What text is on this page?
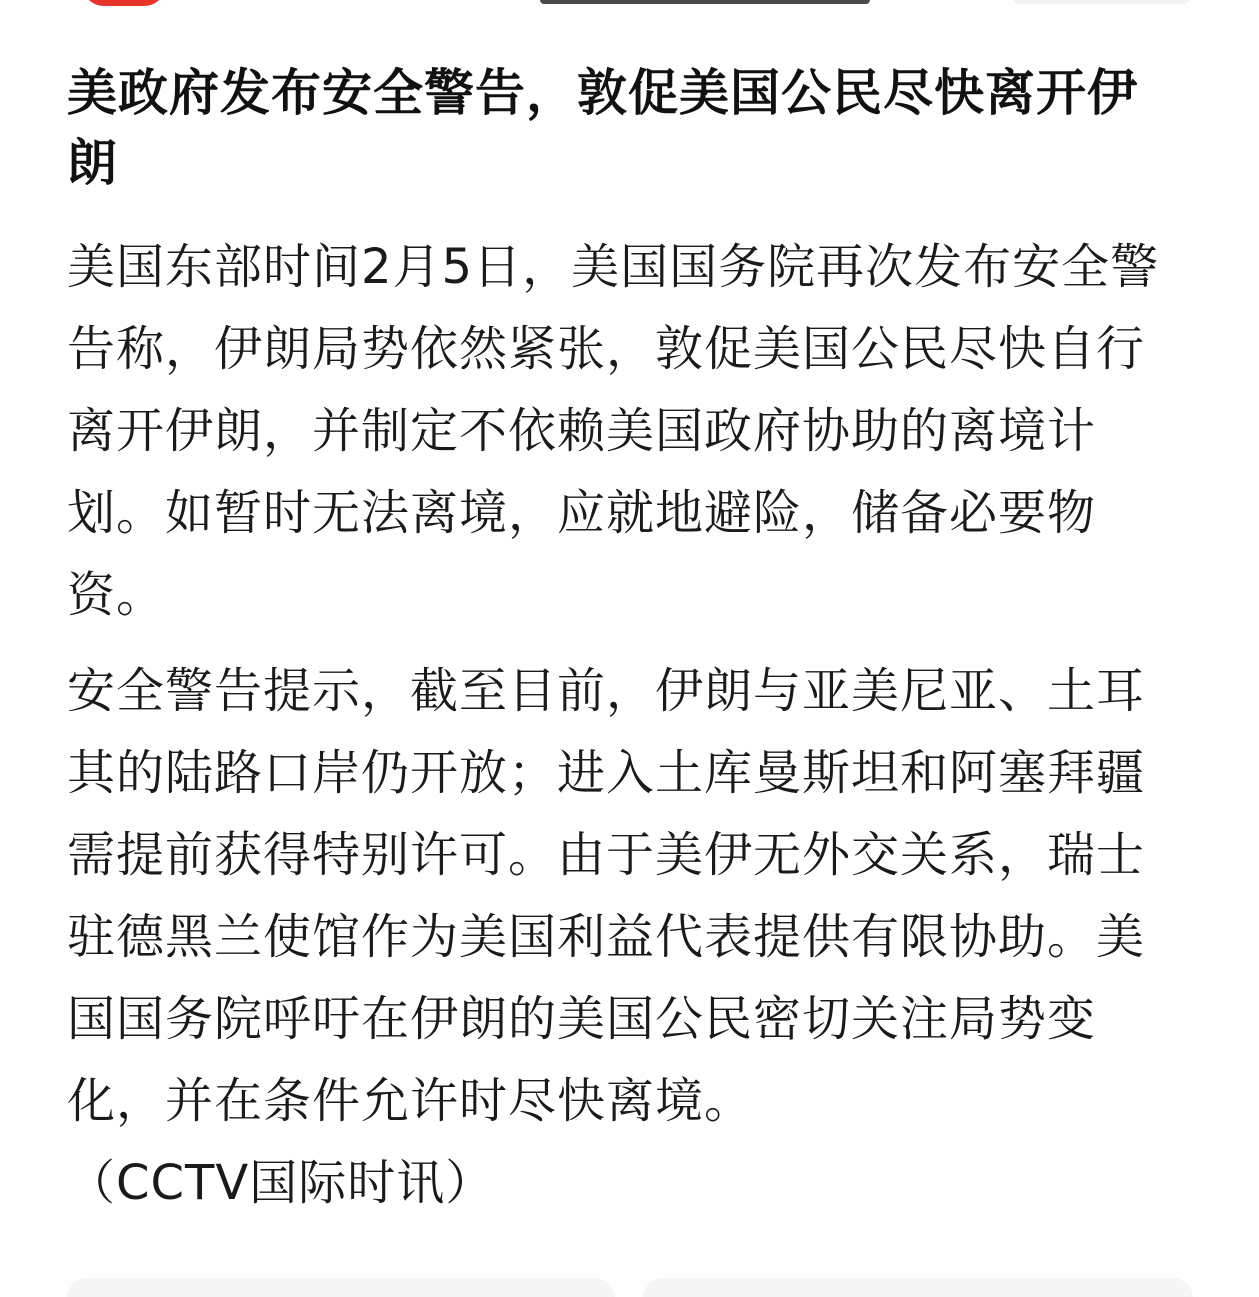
美政府发布安全警告，敦促美国公民尽快离开伊朗

美国东部时间2月5日，美国国务院再次发布安全警告称，伊朗局势依然紧张，敦促美国公民尽快自行离开伊朗，并制定不依赖美国政府协助的离境计划。如暂时无法离境，应就地避险，储备必要物资。

安全警告提示，截至目前，伊朗与亚美尼亚、土耳其的陆路口岸仍开放；进入土库曼斯坦和阿塞拜疆需提前获得特别许可。由于美伊无外交关系，瑞士驻德黑兰使馆作为美国利益代表提供有限协助。美国国务院呼吁在伊朗的美国公民密切关注局势变化，并在条件允许时尽快离境。
（CCTV国际时讯）
